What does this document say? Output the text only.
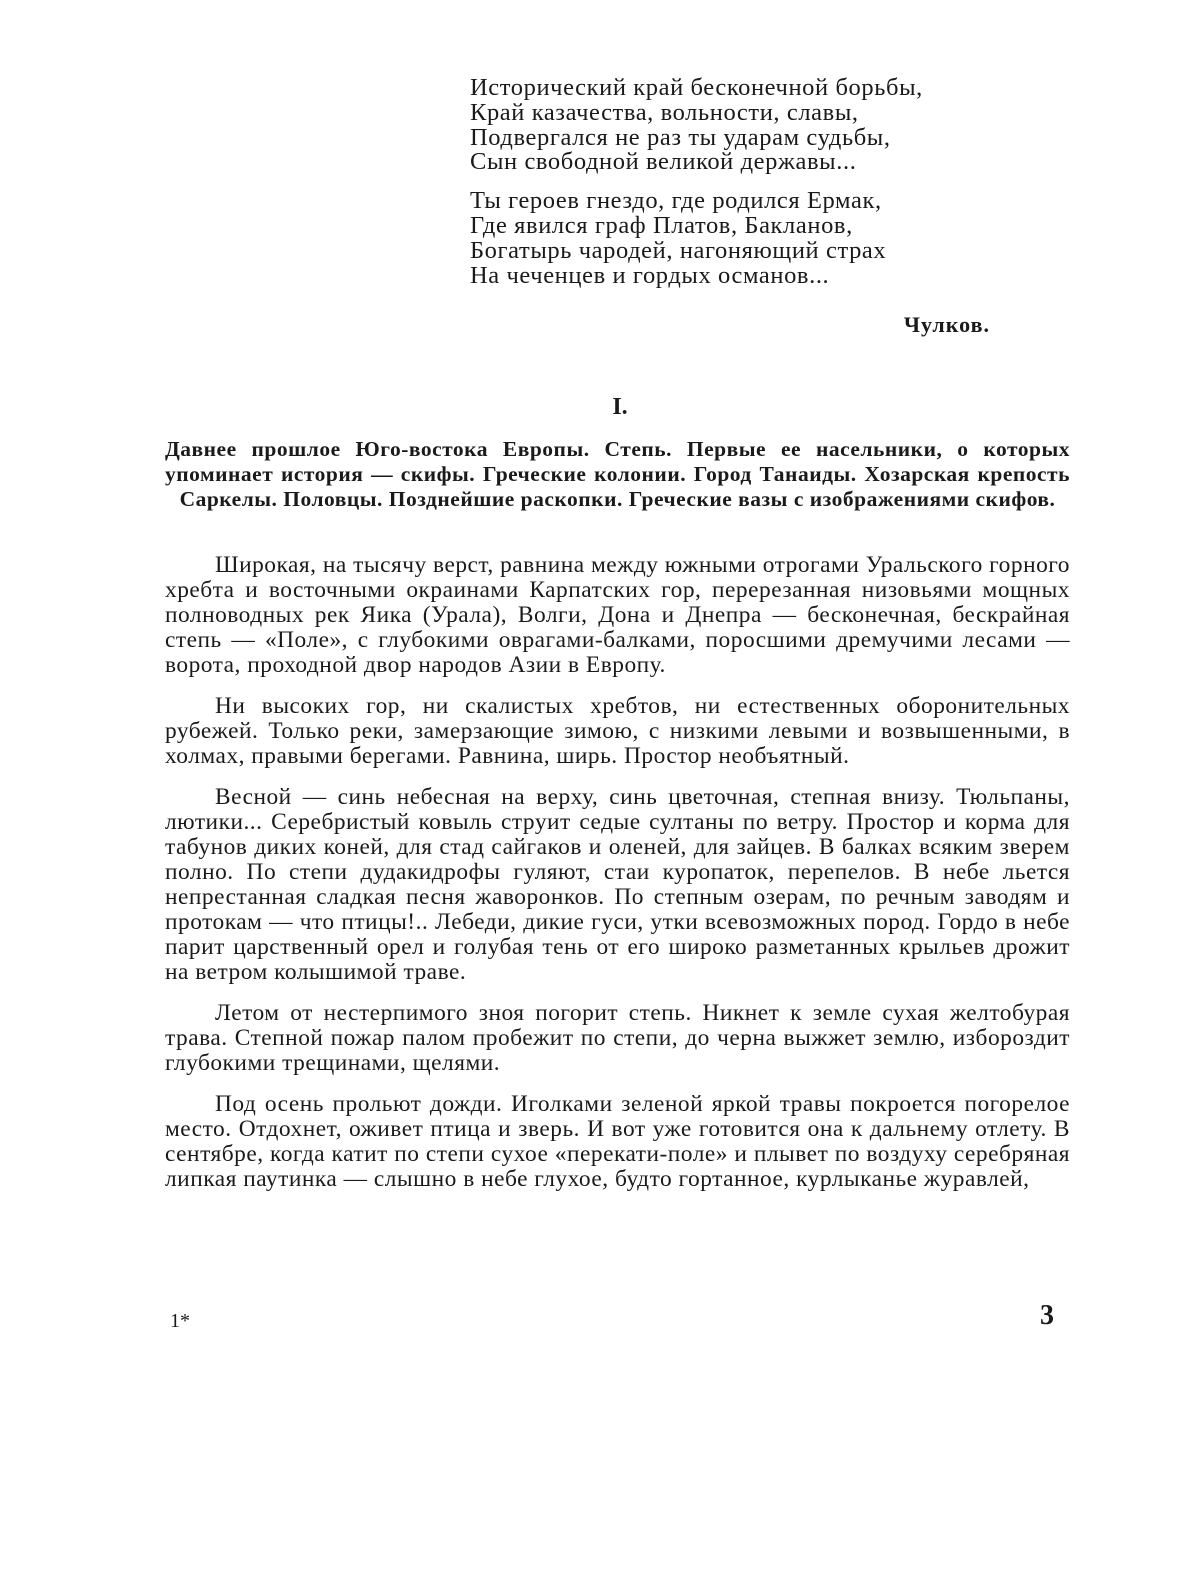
Исторический край бесконечной борьбы,
Край казачества, вольности, славы,
Подвергался не раз ты ударам судьбы,
Сын свободной великой державы...
Ты героев гнездо, где родился Ермак,
Где явился граф Платов, Бакланов,
Богатырь чародей, нагоняющий страх
На чеченцев и гордых османов...
Чулков.
I.

Давнее прошлое Юго-востока Европы. Степь. Первые ее насельники, о которых упоминает история — скифы. Греческие колонии. Город Танаиды. Хозарская крепость Саркелы. Половцы. Позднейшие раскопки. Греческие вазы с изображениями скифов.

Широкая, на тысячу верст, равнина между южными отрогами Уральского горного хребта и восточными окраинами Карпатских гор, перерезанная низовьями мощных полноводных рек Яика (Урала), Волги, Дона и Днепра — бесконечная, бескрайная степь — «Поле», с глубокими оврагами-балками, поросшими дремучими лесами — ворота, проходной двор народов Азии в Европу.

Ни высоких гор, ни скалистых хребтов, ни естественных оборонительных рубежей. Только реки, замерзающие зимою, с низкими левыми и возвышенными, в холмах, правыми берегами. Равнина, ширь. Простор необъятный.

Весной — синь небесная на верху, синь цветочная, степная внизу. Тюльпаны, лютики... Серебристый ковыль струит седые султаны по ветру. Простор и корма для табунов диких коней, для стад сайгаков и оленей, для зайцев. В балках всяким зверем полно. По степи дудакидрофы гуляют, стаи куропаток, перепелов. В небе льется непрестанная сладкая песня жаворонков. По степным озерам, по речным заводям и протокам — что птицы!.. Лебеди, дикие гуси, утки всевозможных пород. Гордо в небе парит царственный орел и голубая тень от его широко разметанных крыльев дрожит на ветром колышимой траве.

Летом от нестерпимого зноя погорит степь. Никнет к земле сухая желтобурая трава. Степной пожар палом пробежит по степи, до черна выжжет землю, изборoздит глубокими трещинами, щелями.

Под осень прольют дожди. Иголками зеленой яркой травы покроется погорелое место. Отдохнет, оживет птица и зверь. И вот уже готовится она к дальнему отлету. В сентябре, когда катит по степи сухое «перекати-поле» и плывет по воздуху серебряная липкая паутинка — слышно в небе глухое, будто гортанное, курлыканье журавлей,

1*	3
